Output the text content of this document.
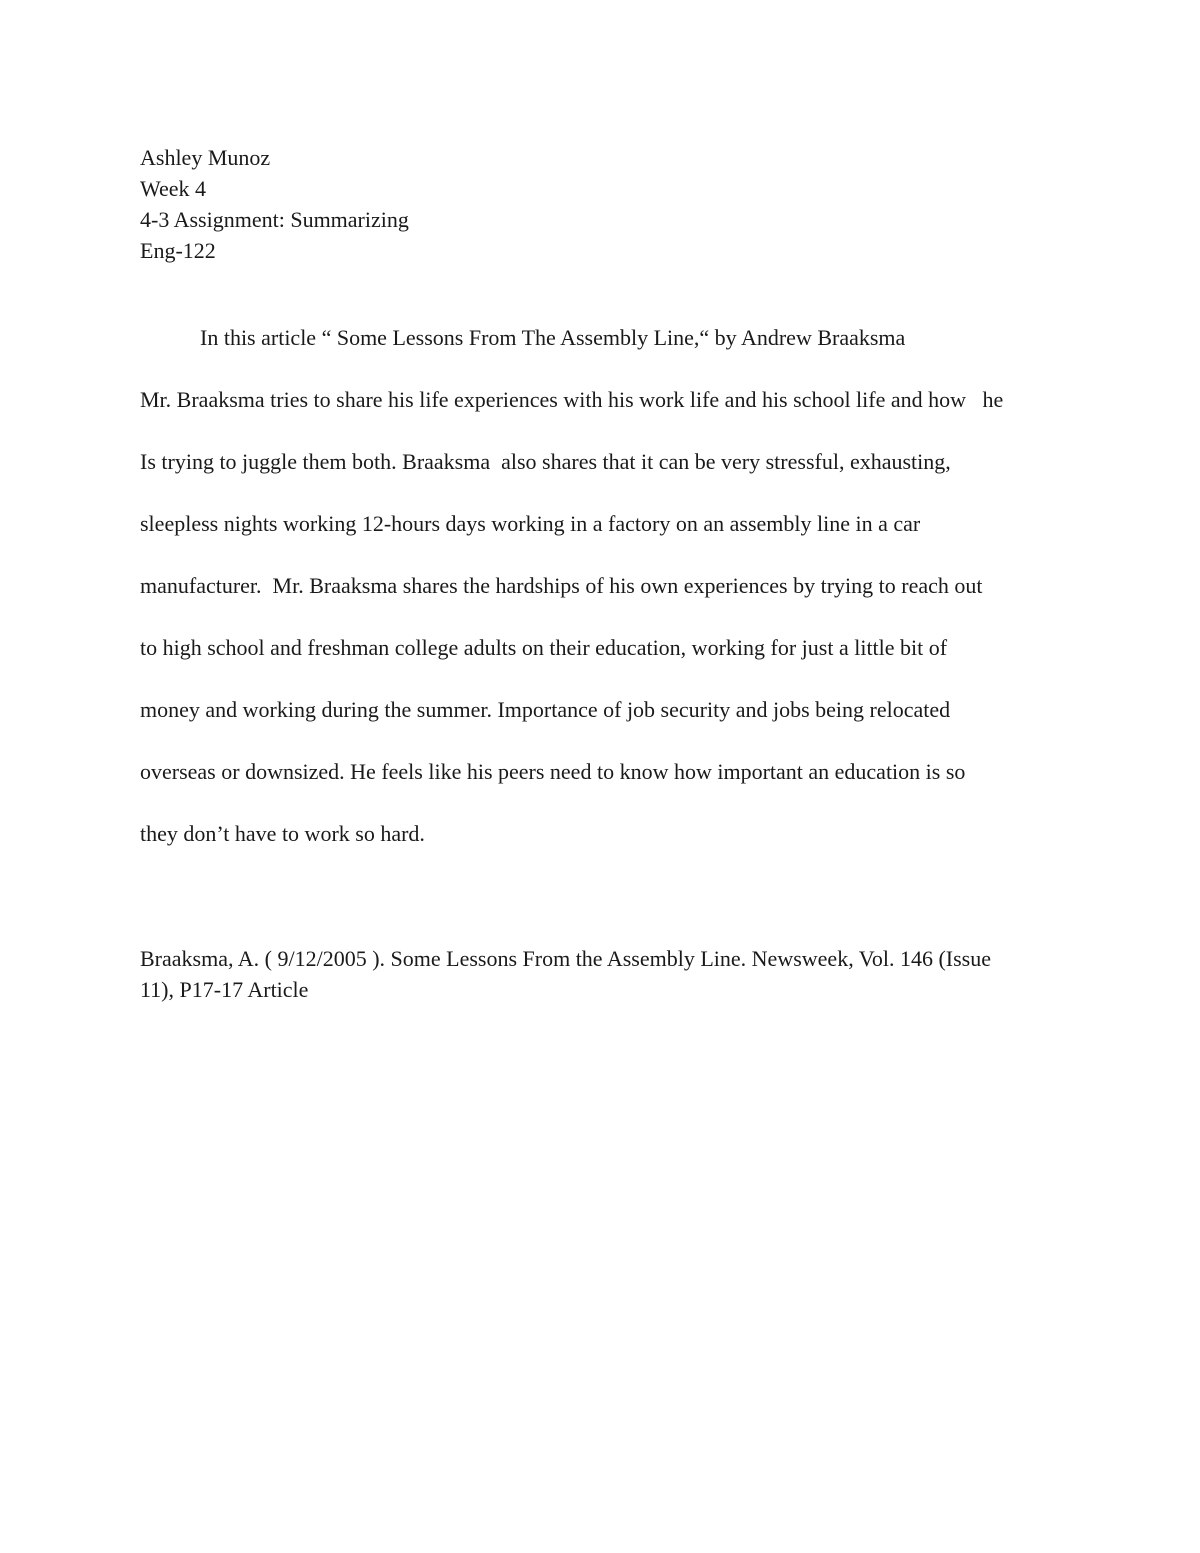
Ashley Munoz
Week 4
4-3 Assignment: Summarizing
Eng-122
In this article “ Some Lessons From The Assembly Line,“ by Andrew Braaksma
Mr. Braaksma tries to share his life experiences with his work life and his school life and how   he
Is trying to juggle them both. Braaksma  also shares that it can be very stressful, exhausting,
sleepless nights working 12-hours days working in a factory on an assembly line in a car
manufacturer.  Mr. Braaksma shares the hardships of his own experiences by trying to reach out
to high school and freshman college adults on their education, working for just a little bit of
money and working during the summer. Importance of job security and jobs being relocated
overseas or downsized. He feels like his peers need to know how important an education is so
they don’t have to work so hard.
Braaksma, A. ( 9/12/2005 ). Some Lessons From the Assembly Line. Newsweek, Vol. 146 (Issue
11), P17-17 Article
